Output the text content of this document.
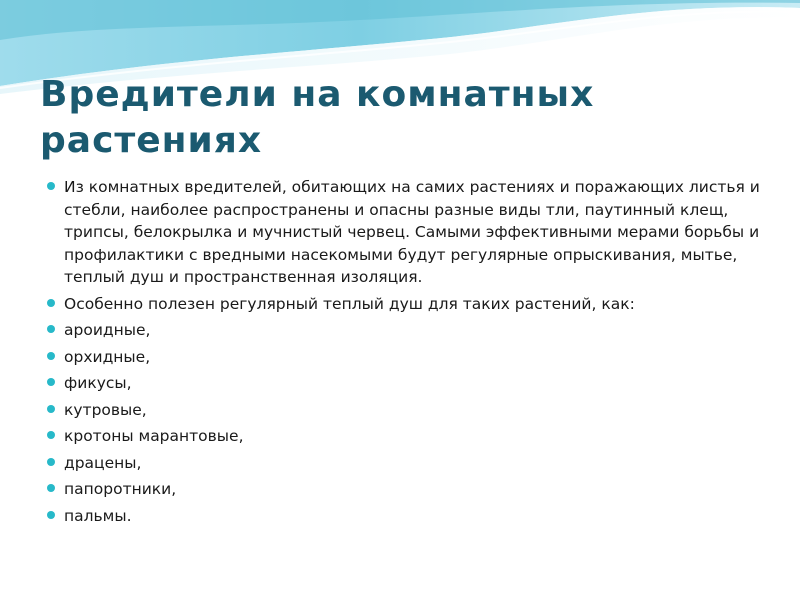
Вредители на комнатных растениях
Из комнатных вредителей, обитающих на самих растениях и поражающих листья и стебли, наиболее распространены и опасны разные виды тли, паутинный клещ, трипсы, белокрылка и мучнистый червец. Самыми эффективными мерами борьбы и профилактики с вредными насекомыми будут регулярные опрыскивания, мытье, теплый душ и пространственная изоляция.
Особенно полезен регулярный теплый душ для таких растений, как:
ароидные,
орхидные,
фикусы,
кутровые,
кротоны марантовые,
драцены,
папоротники,
пальмы.
